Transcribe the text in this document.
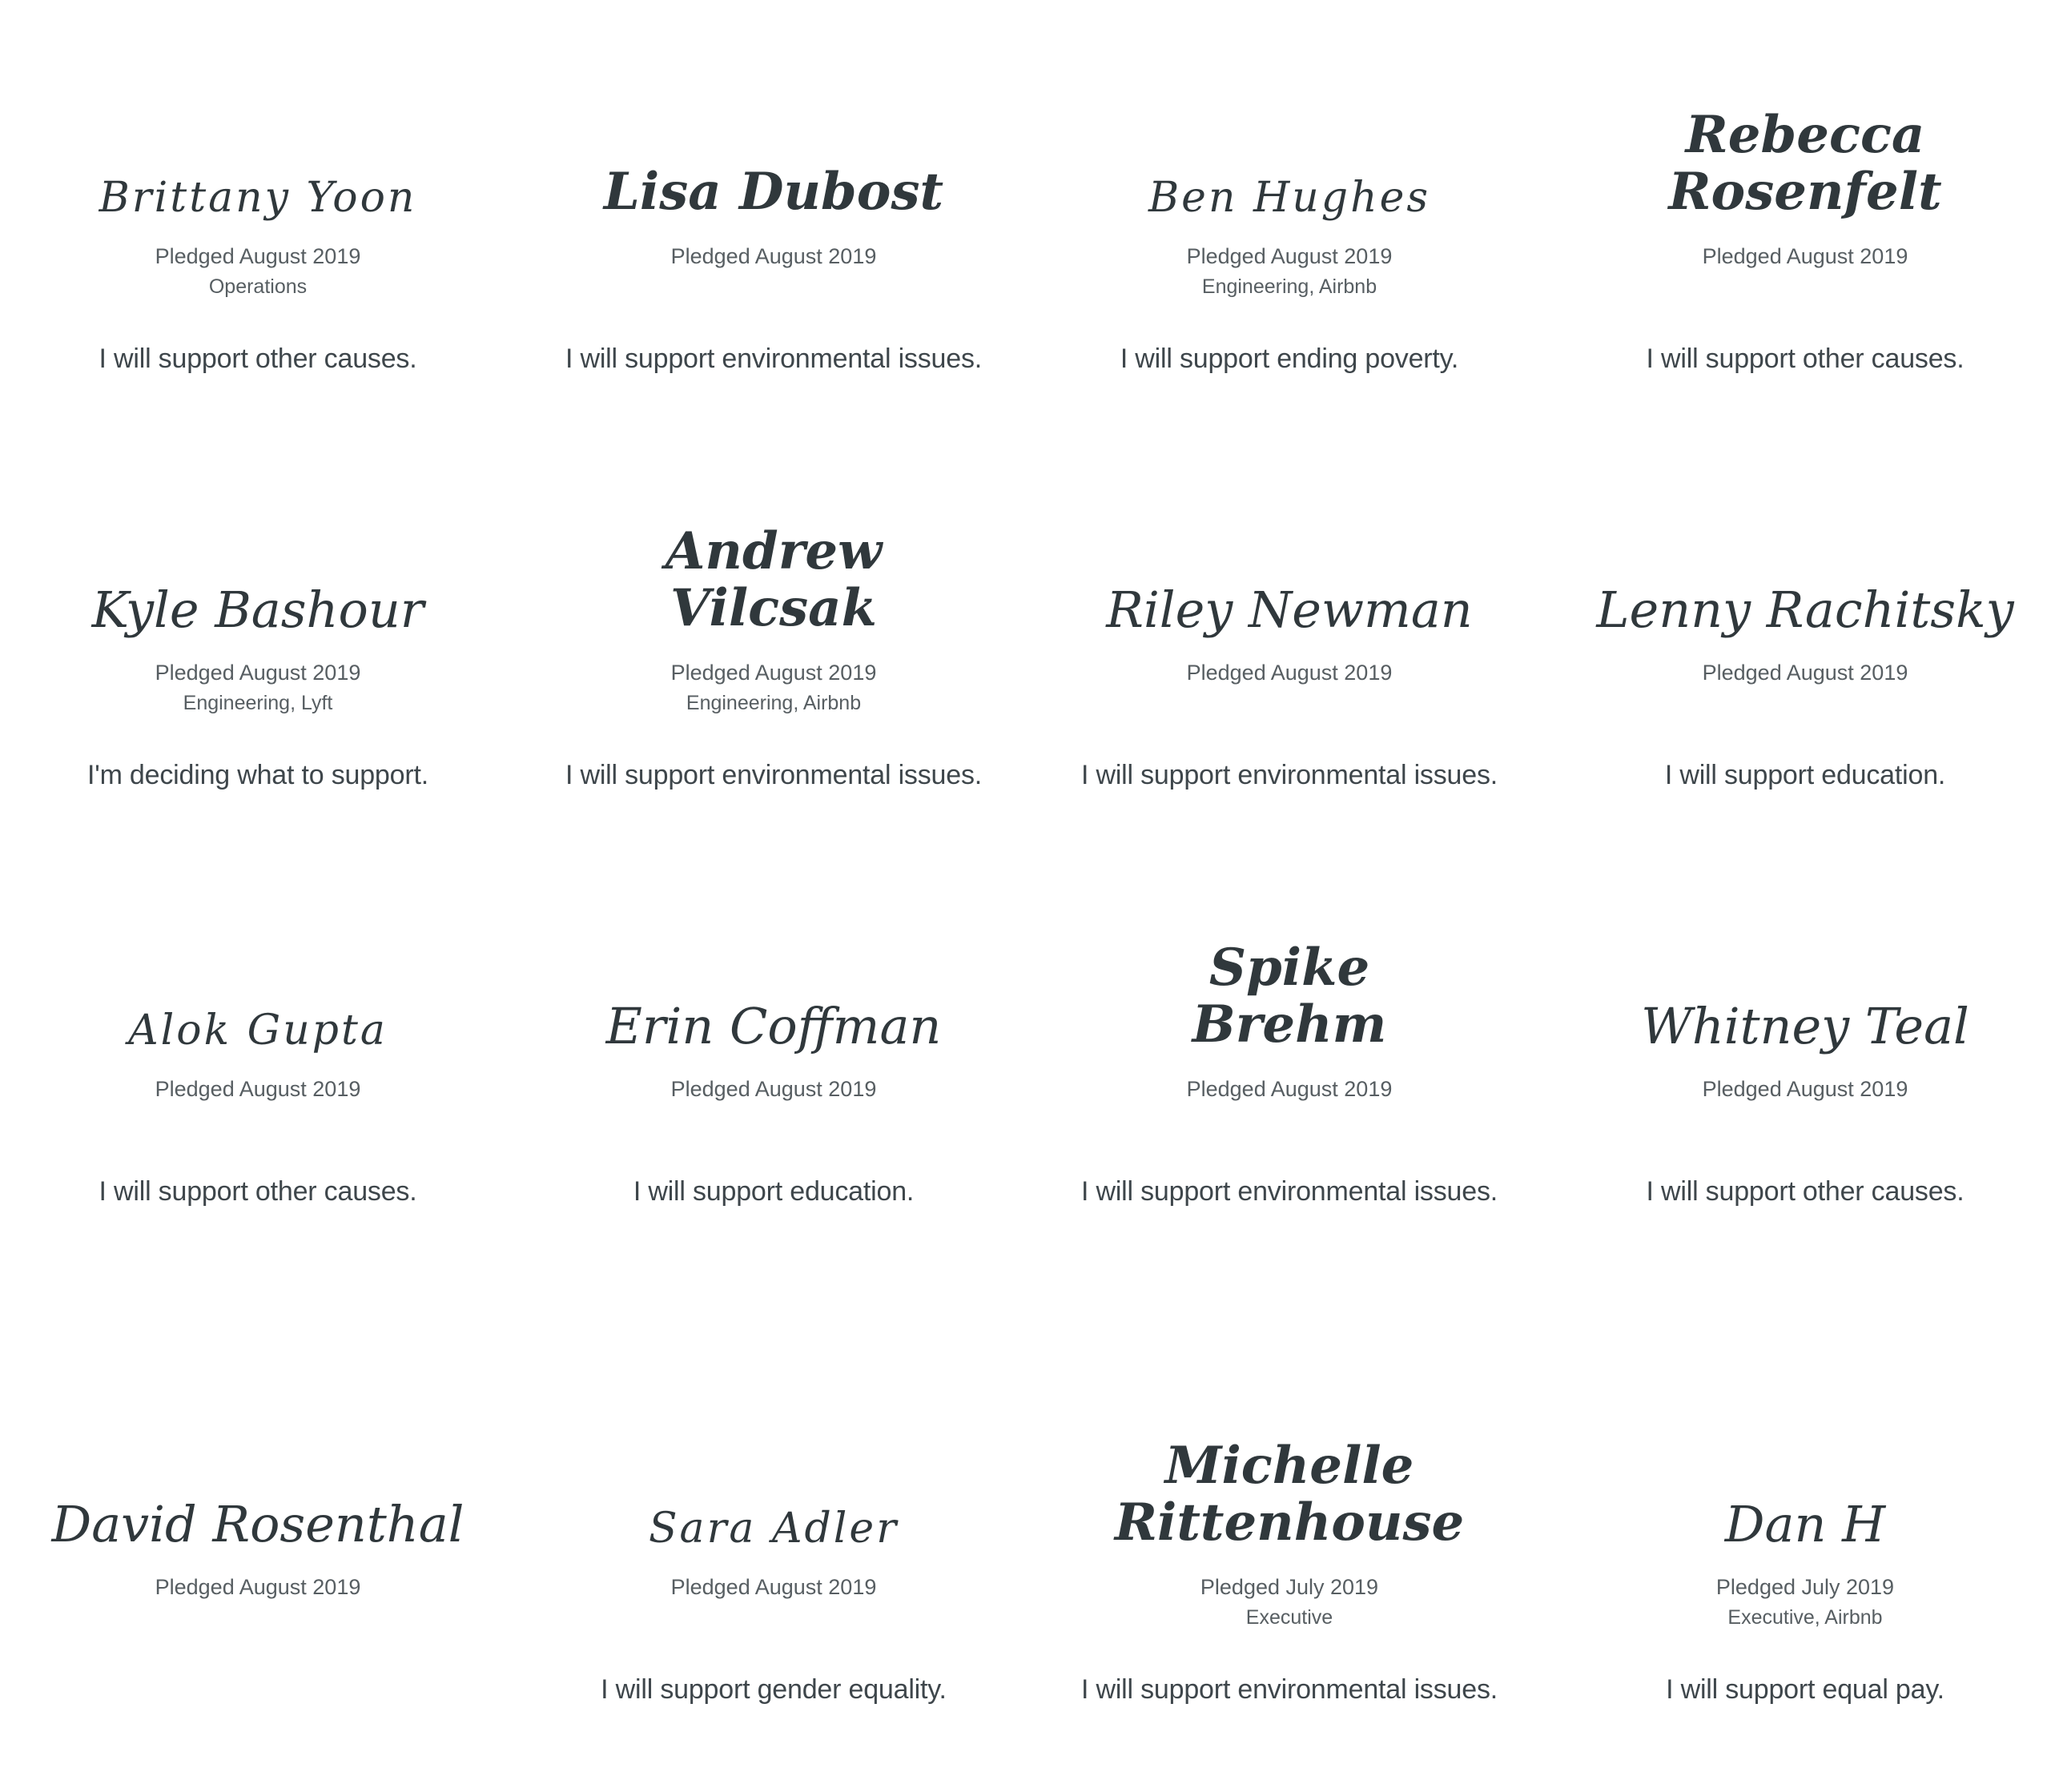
Brittany Yoon
Pledged August 2019
Operations
I will support other causes.
Lisa Dubost
Pledged August 2019
I will support environmental issues.
Ben Hughes
Pledged August 2019
Engineering, Airbnb
I will support ending poverty.
Rebecca Rosenfelt
Pledged August 2019
I will support other causes.
Kyle Bashour
Pledged August 2019
Engineering, Lyft
I'm deciding what to support.
Andrew Vilcsak
Pledged August 2019
Engineering, Airbnb
I will support environmental issues.
Riley Newman
Pledged August 2019
I will support environmental issues.
Lenny Rachitsky
Pledged August 2019
I will support education.
Alok Gupta
Pledged August 2019
I will support other causes.
Erin Coffman
Pledged August 2019
I will support education.
Spike Brehm
Pledged August 2019
I will support environmental issues.
Whitney Teal
Pledged August 2019
I will support other causes.
David Rosenthal
Pledged August 2019
Sara Adler
Pledged August 2019
I will support gender equality.
Michelle Rittenhouse
Pledged July 2019
Executive
I will support environmental issues.
Dan H
Pledged July 2019
Executive, Airbnb
I will support equal pay.
